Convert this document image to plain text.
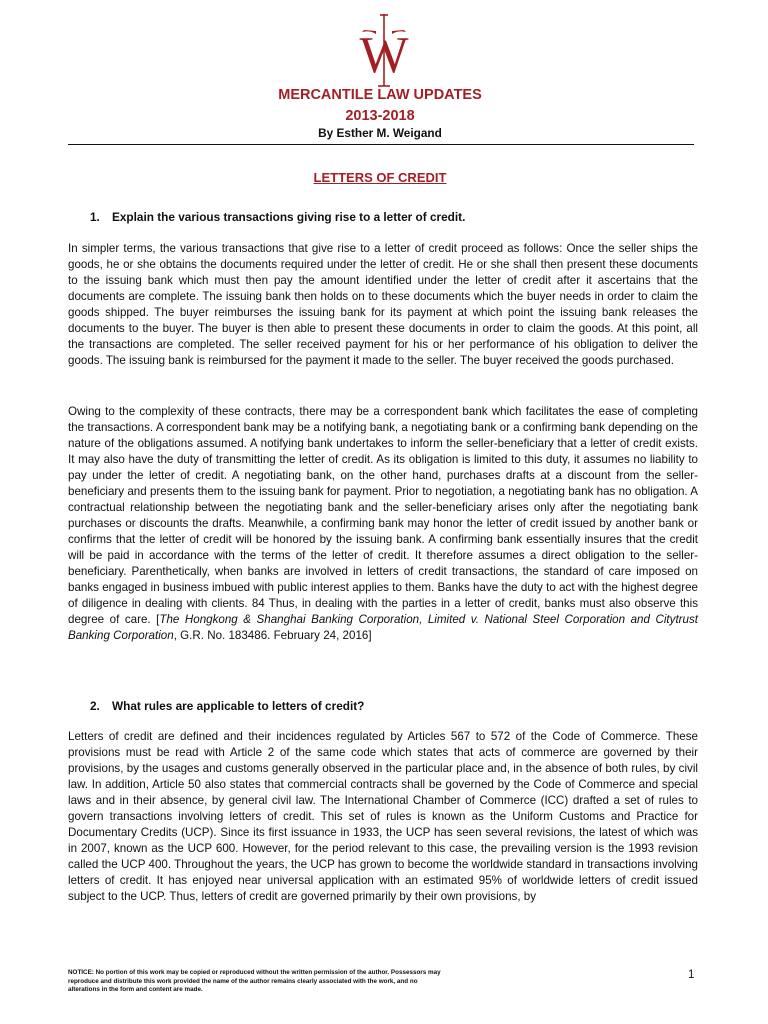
W
MERCANTILE LAW UPDATES
2013-2018
By Esther M. Weigand
LETTERS OF CREDIT
1. Explain the various transactions giving rise to a letter of credit.
In simpler terms, the various transactions that give rise to a letter of credit proceed as follows: Once the seller ships the goods, he or she obtains the documents required under the letter of credit. He or she shall then present these documents to the issuing bank which must then pay the amount identified under the letter of credit after it ascertains that the documents are complete. The issuing bank then holds on to these documents which the buyer needs in order to claim the goods shipped. The buyer reimburses the issuing bank for its payment at which point the issuing bank releases the documents to the buyer. The buyer is then able to present these documents in order to claim the goods. At this point, all the transactions are completed. The seller received payment for his or her performance of his obligation to deliver the goods. The issuing bank is reimbursed for the payment it made to the seller. The buyer received the goods purchased.
Owing to the complexity of these contracts, there may be a correspondent bank which facilitates the ease of completing the transactions. A correspondent bank may be a notifying bank, a negotiating bank or a confirming bank depending on the nature of the obligations assumed. A notifying bank undertakes to inform the seller-beneficiary that a letter of credit exists. It may also have the duty of transmitting the letter of credit. As its obligation is limited to this duty, it assumes no liability to pay under the letter of credit. A negotiating bank, on the other hand, purchases drafts at a discount from the seller-beneficiary and presents them to the issuing bank for payment. Prior to negotiation, a negotiating bank has no obligation. A contractual relationship between the negotiating bank and the seller-beneficiary arises only after the negotiating bank purchases or discounts the drafts. Meanwhile, a confirming bank may honor the letter of credit issued by another bank or confirms that the letter of credit will be honored by the issuing bank. A confirming bank essentially insures that the credit will be paid in accordance with the terms of the letter of credit. It therefore assumes a direct obligation to the seller-beneficiary. Parenthetically, when banks are involved in letters of credit transactions, the standard of care imposed on banks engaged in business imbued with public interest applies to them. Banks have the duty to act with the highest degree of diligence in dealing with clients. 84 Thus, in dealing with the parties in a letter of credit, banks must also observe this degree of care. [The Hongkong & Shanghai Banking Corporation, Limited v. National Steel Corporation and Citytrust Banking Corporation, G.R. No. 183486. February 24, 2016]
2. What rules are applicable to letters of credit?
Letters of credit are defined and their incidences regulated by Articles 567 to 572 of the Code of Commerce. These provisions must be read with Article 2 of the same code which states that acts of commerce are governed by their provisions, by the usages and customs generally observed in the particular place and, in the absence of both rules, by civil law. In addition, Article 50 also states that commercial contracts shall be governed by the Code of Commerce and special laws and in their absence, by general civil law. The International Chamber of Commerce (ICC) drafted a set of rules to govern transactions involving letters of credit. This set of rules is known as the Uniform Customs and Practice for Documentary Credits (UCP). Since its first issuance in 1933, the UCP has seen several revisions, the latest of which was in 2007, known as the UCP 600. However, for the period relevant to this case, the prevailing version is the 1993 revision called the UCP 400. Throughout the years, the UCP has grown to become the worldwide standard in transactions involving letters of credit. It has enjoyed near universal application with an estimated 95% of worldwide letters of credit issued subject to the UCP. Thus, letters of credit are governed primarily by their own provisions, by
NOTICE: No portion of this work may be copied or reproduced without the written permission of the author. Possessors may reproduce and distribute this work provided the name of the author remains clearly associated with the work, and no alterations in the form and content are made.
1
